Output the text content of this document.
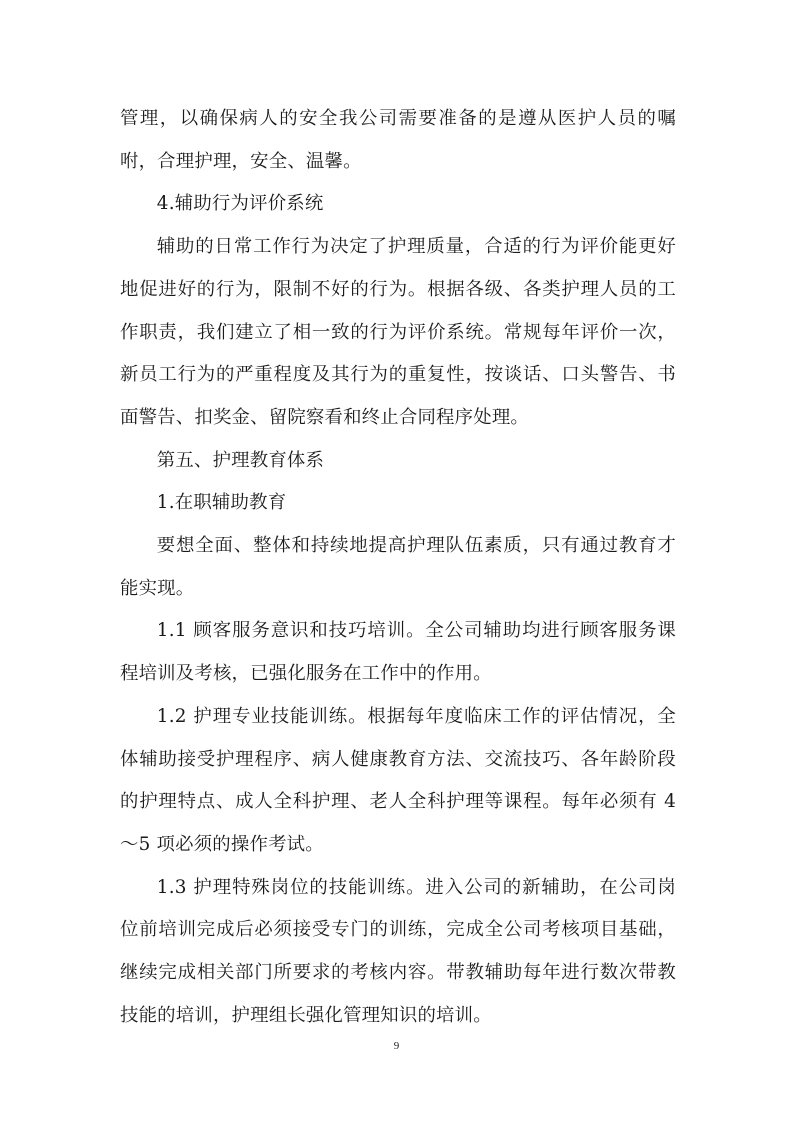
管理，以确保病人的安全我公司需要准备的是遵从医护人员的嘱咐，合理护理，安全、温馨。

4.辅助行为评价系统

辅助的日常工作行为决定了护理质量，合适的行为评价能更好地促进好的行为，限制不好的行为。根据各级、各类护理人员的工作职责，我们建立了相一致的行为评价系统。常规每年评价一次，新员工行为的严重程度及其行为的重复性，按谈话、口头警告、书面警告、扣奖金、留院察看和终止合同程序处理。

第五、护理教育体系

1.在职辅助教育

要想全面、整体和持续地提高护理队伍素质，只有通过教育才能实现。

1.1 顾客服务意识和技巧培训。全公司辅助均进行顾客服务课程培训及考核，已强化服务在工作中的作用。

1.2 护理专业技能训练。根据每年度临床工作的评估情况，全体辅助接受护理程序、病人健康教育方法、交流技巧、各年龄阶段的护理特点、成人全科护理、老人全科护理等课程。每年必须有 4～5 项必须的操作考试。

1.3 护理特殊岗位的技能训练。进入公司的新辅助，在公司岗位前培训完成后必须接受专门的训练，完成全公司考核项目基础，继续完成相关部门所要求的考核内容。带教辅助每年进行数次带教技能的培训，护理组长强化管理知识的培训。

9
